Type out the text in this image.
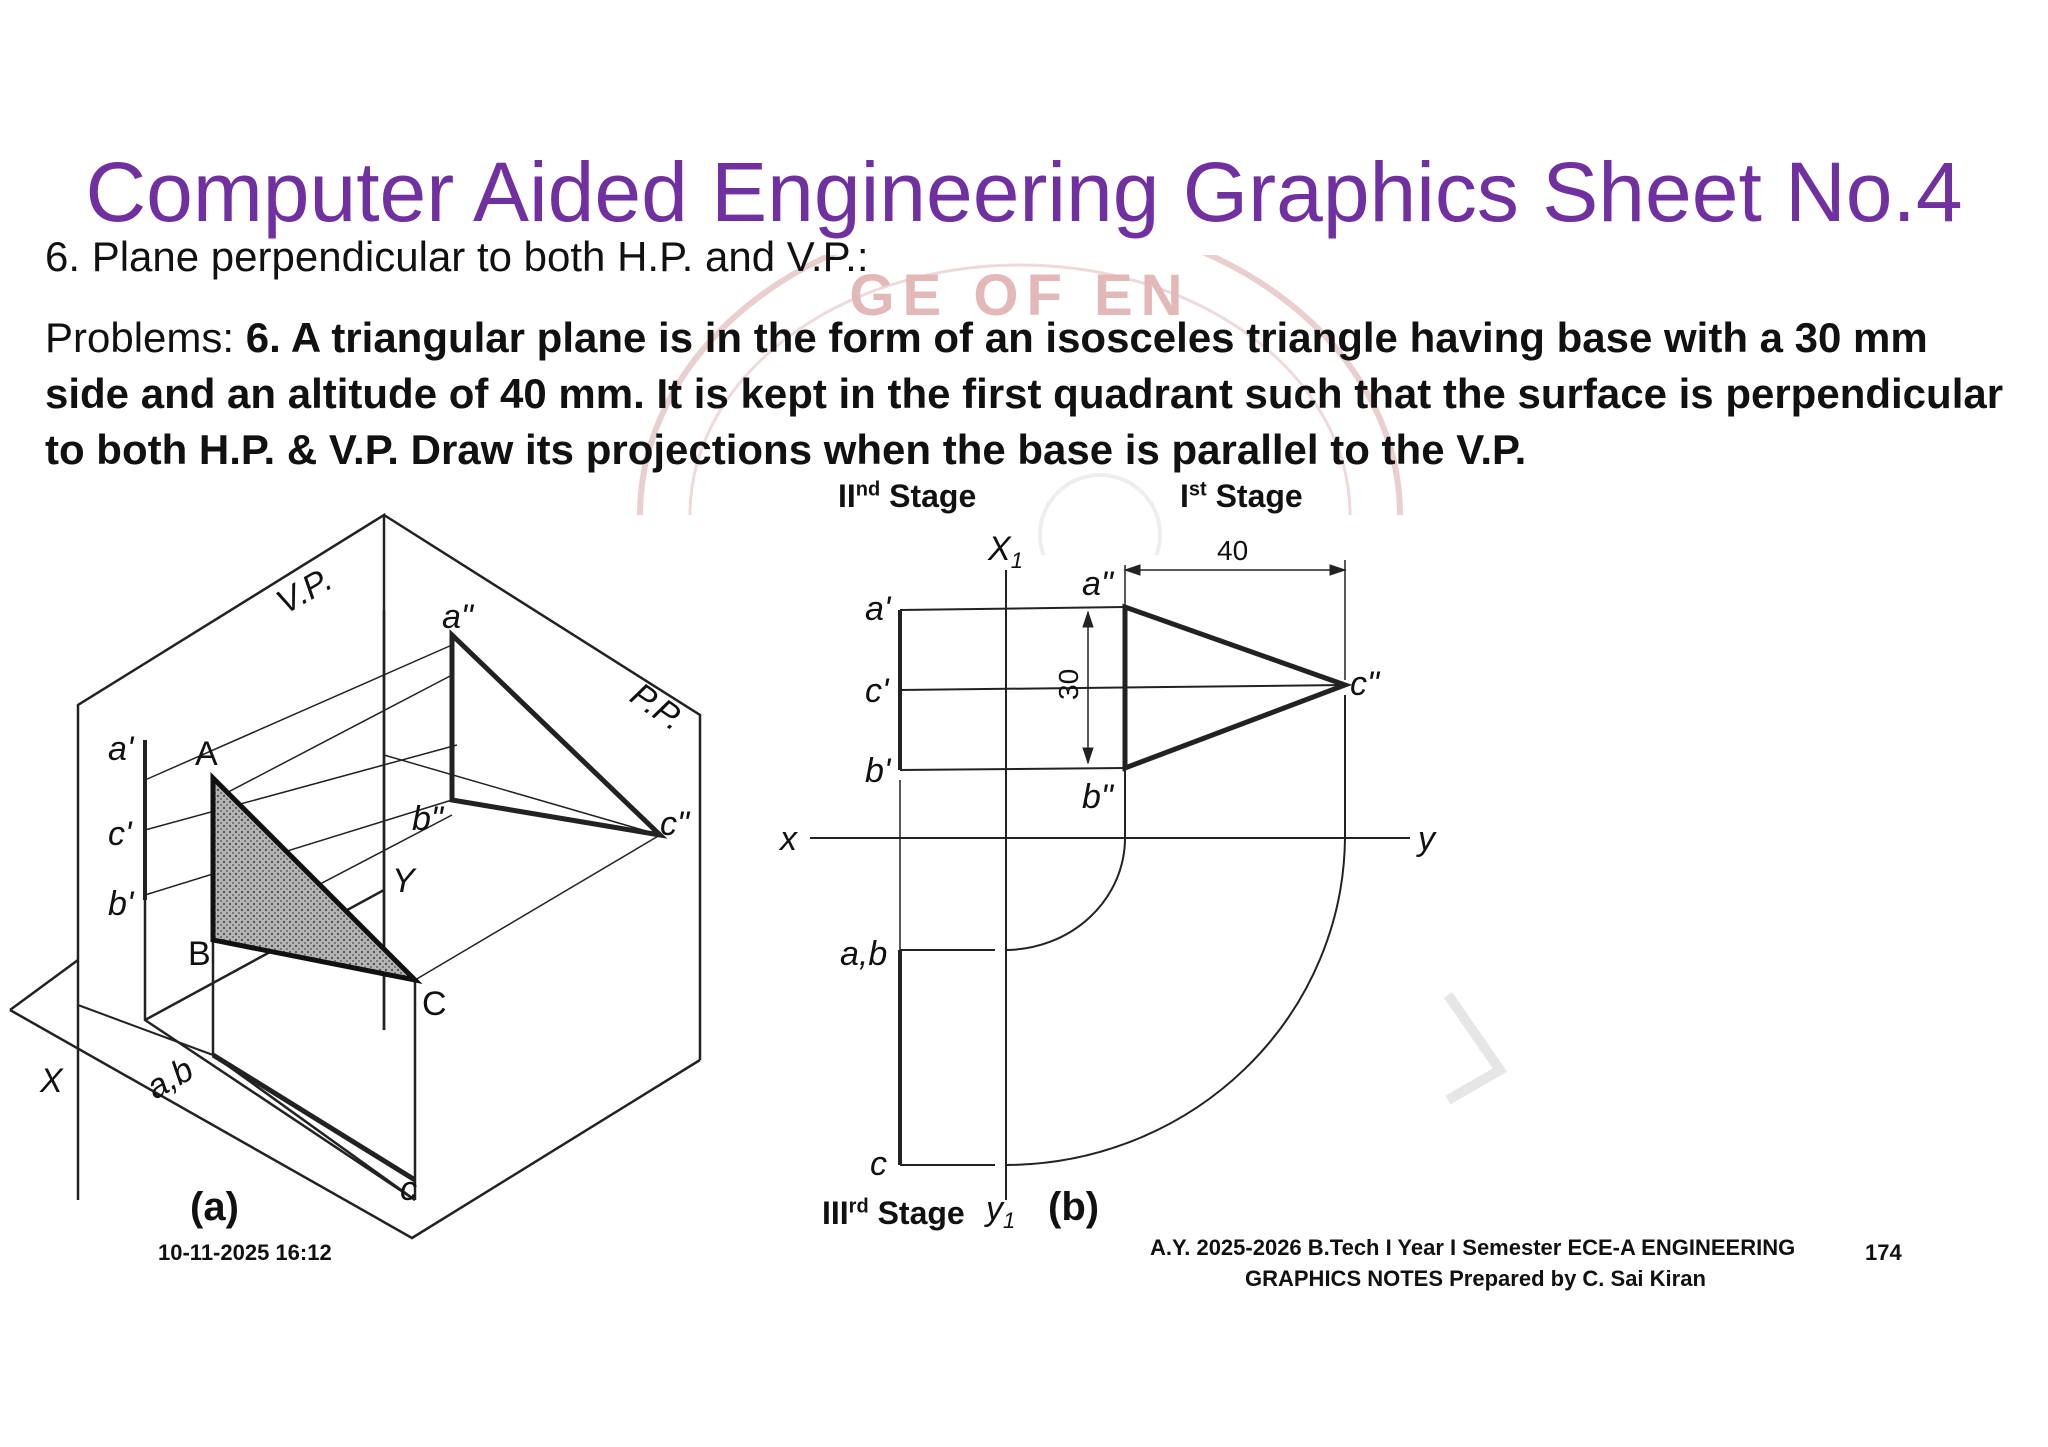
GE OF EN
Computer Aided Engineering Graphics Sheet No.4
6. Plane perpendicular to both H.P. and V.P.:
Problems: 6. A triangular plane is in the form of an isosceles triangle having base with a 30 mm side and an altitude of 40 mm. It is kept in the first quadrant such that the surface is perpendicular to both H.P. & V.P. Draw its projections when the base is parallel to the V.P.
IInd Stage	Ist Stage
IIIrd Stage
V.P.
P.P.
X
Y
a'
c'
b'
a"
b"	c"
a,b
c
A
B
C
(a)
$X_1$
x	y
a'
c'
b'
a"
b"
c"
a,b
c
$y_1$
40
30
(b)
10-11-2025 16:12	A.Y. 2025-2026 B.Tech I Year I Semester ECE-A ENGINEERING
GRAPHICS NOTES Prepared by C. Sai Kiran
174
